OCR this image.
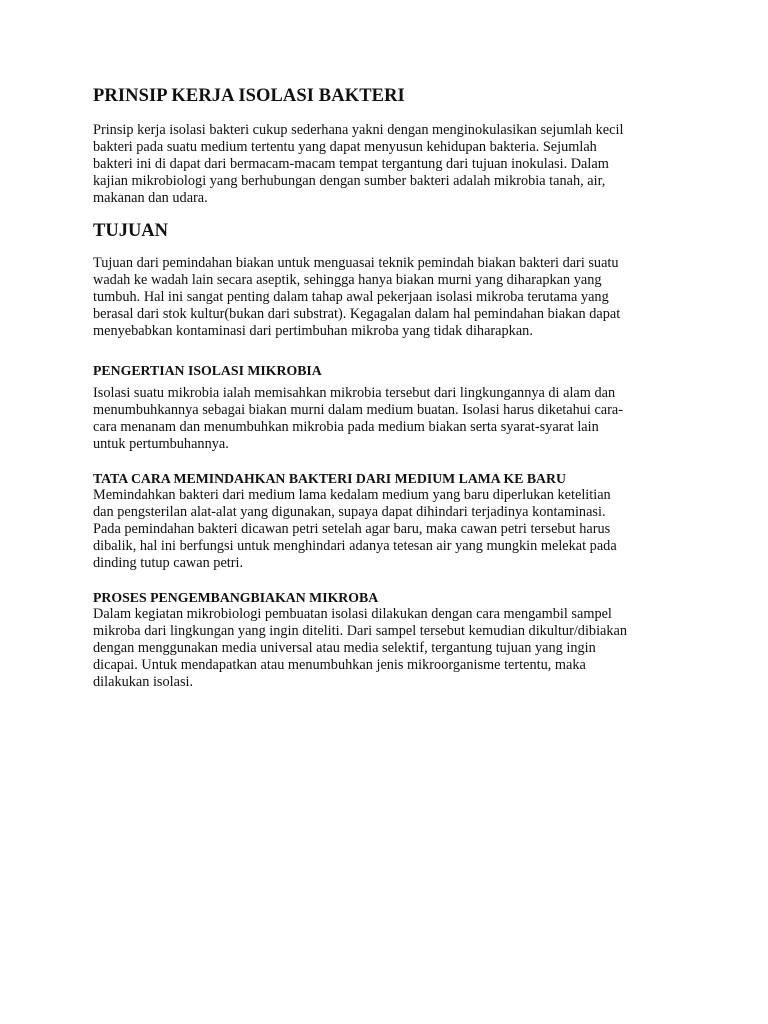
PRINSIP KERJA ISOLASI BAKTERI
Prinsip kerja isolasi bakteri cukup sederhana yakni dengan menginokulasikan sejumlah kecil
bakteri pada suatu medium tertentu yang dapat menyusun kehidupan bakteria. Sejumlah
bakteri ini di dapat dari bermacam-macam tempat tergantung dari tujuan inokulasi. Dalam
kajian mikrobiologi yang berhubungan dengan sumber bakteri adalah mikrobia tanah, air,
makanan dan udara.
TUJUAN
Tujuan dari pemindahan biakan untuk menguasai teknik pemindah biakan bakteri dari suatu
wadah ke wadah lain secara aseptik, sehingga hanya biakan murni yang diharapkan yang
tumbuh. Hal ini sangat penting dalam tahap awal pekerjaan isolasi mikroba terutama yang
berasal dari stok kultur(bukan dari substrat). Kegagalan dalam hal pemindahan biakan dapat
menyebabkan kontaminasi dari pertimbuhan mikroba yang tidak diharapkan.
PENGERTIAN ISOLASI MIKROBIA
Isolasi suatu mikrobia ialah memisahkan mikrobia tersebut dari lingkungannya di alam dan
menumbuhkannya sebagai biakan murni dalam medium buatan. Isolasi harus diketahui cara-
cara menanam dan menumbuhkan mikrobia pada medium biakan serta syarat-syarat lain
untuk pertumbuhannya.
TATA CARA MEMINDAHKAN BAKTERI DARI MEDIUM LAMA KE BARU
Memindahkan bakteri dari medium lama kedalam medium yang baru diperlukan ketelitian
dan pengsterilan alat-alat yang digunakan, supaya dapat dihindari terjadinya kontaminasi.
Pada pemindahan bakteri dicawan petri setelah agar baru, maka cawan petri tersebut harus
dibalik, hal ini berfungsi untuk menghindari adanya tetesan air yang mungkin melekat pada
dinding tutup cawan petri.
PROSES PENGEMBANGBIAKAN MIKROBA
Dalam kegiatan mikrobiologi pembuatan isolasi dilakukan dengan cara mengambil sampel
mikroba dari lingkungan yang ingin diteliti. Dari sampel tersebut kemudian dikultur/dibiakan
dengan menggunakan media universal atau media selektif, tergantung tujuan yang ingin
dicapai. Untuk mendapatkan atau menumbuhkan jenis mikroorganisme tertentu, maka
dilakukan isolasi.
